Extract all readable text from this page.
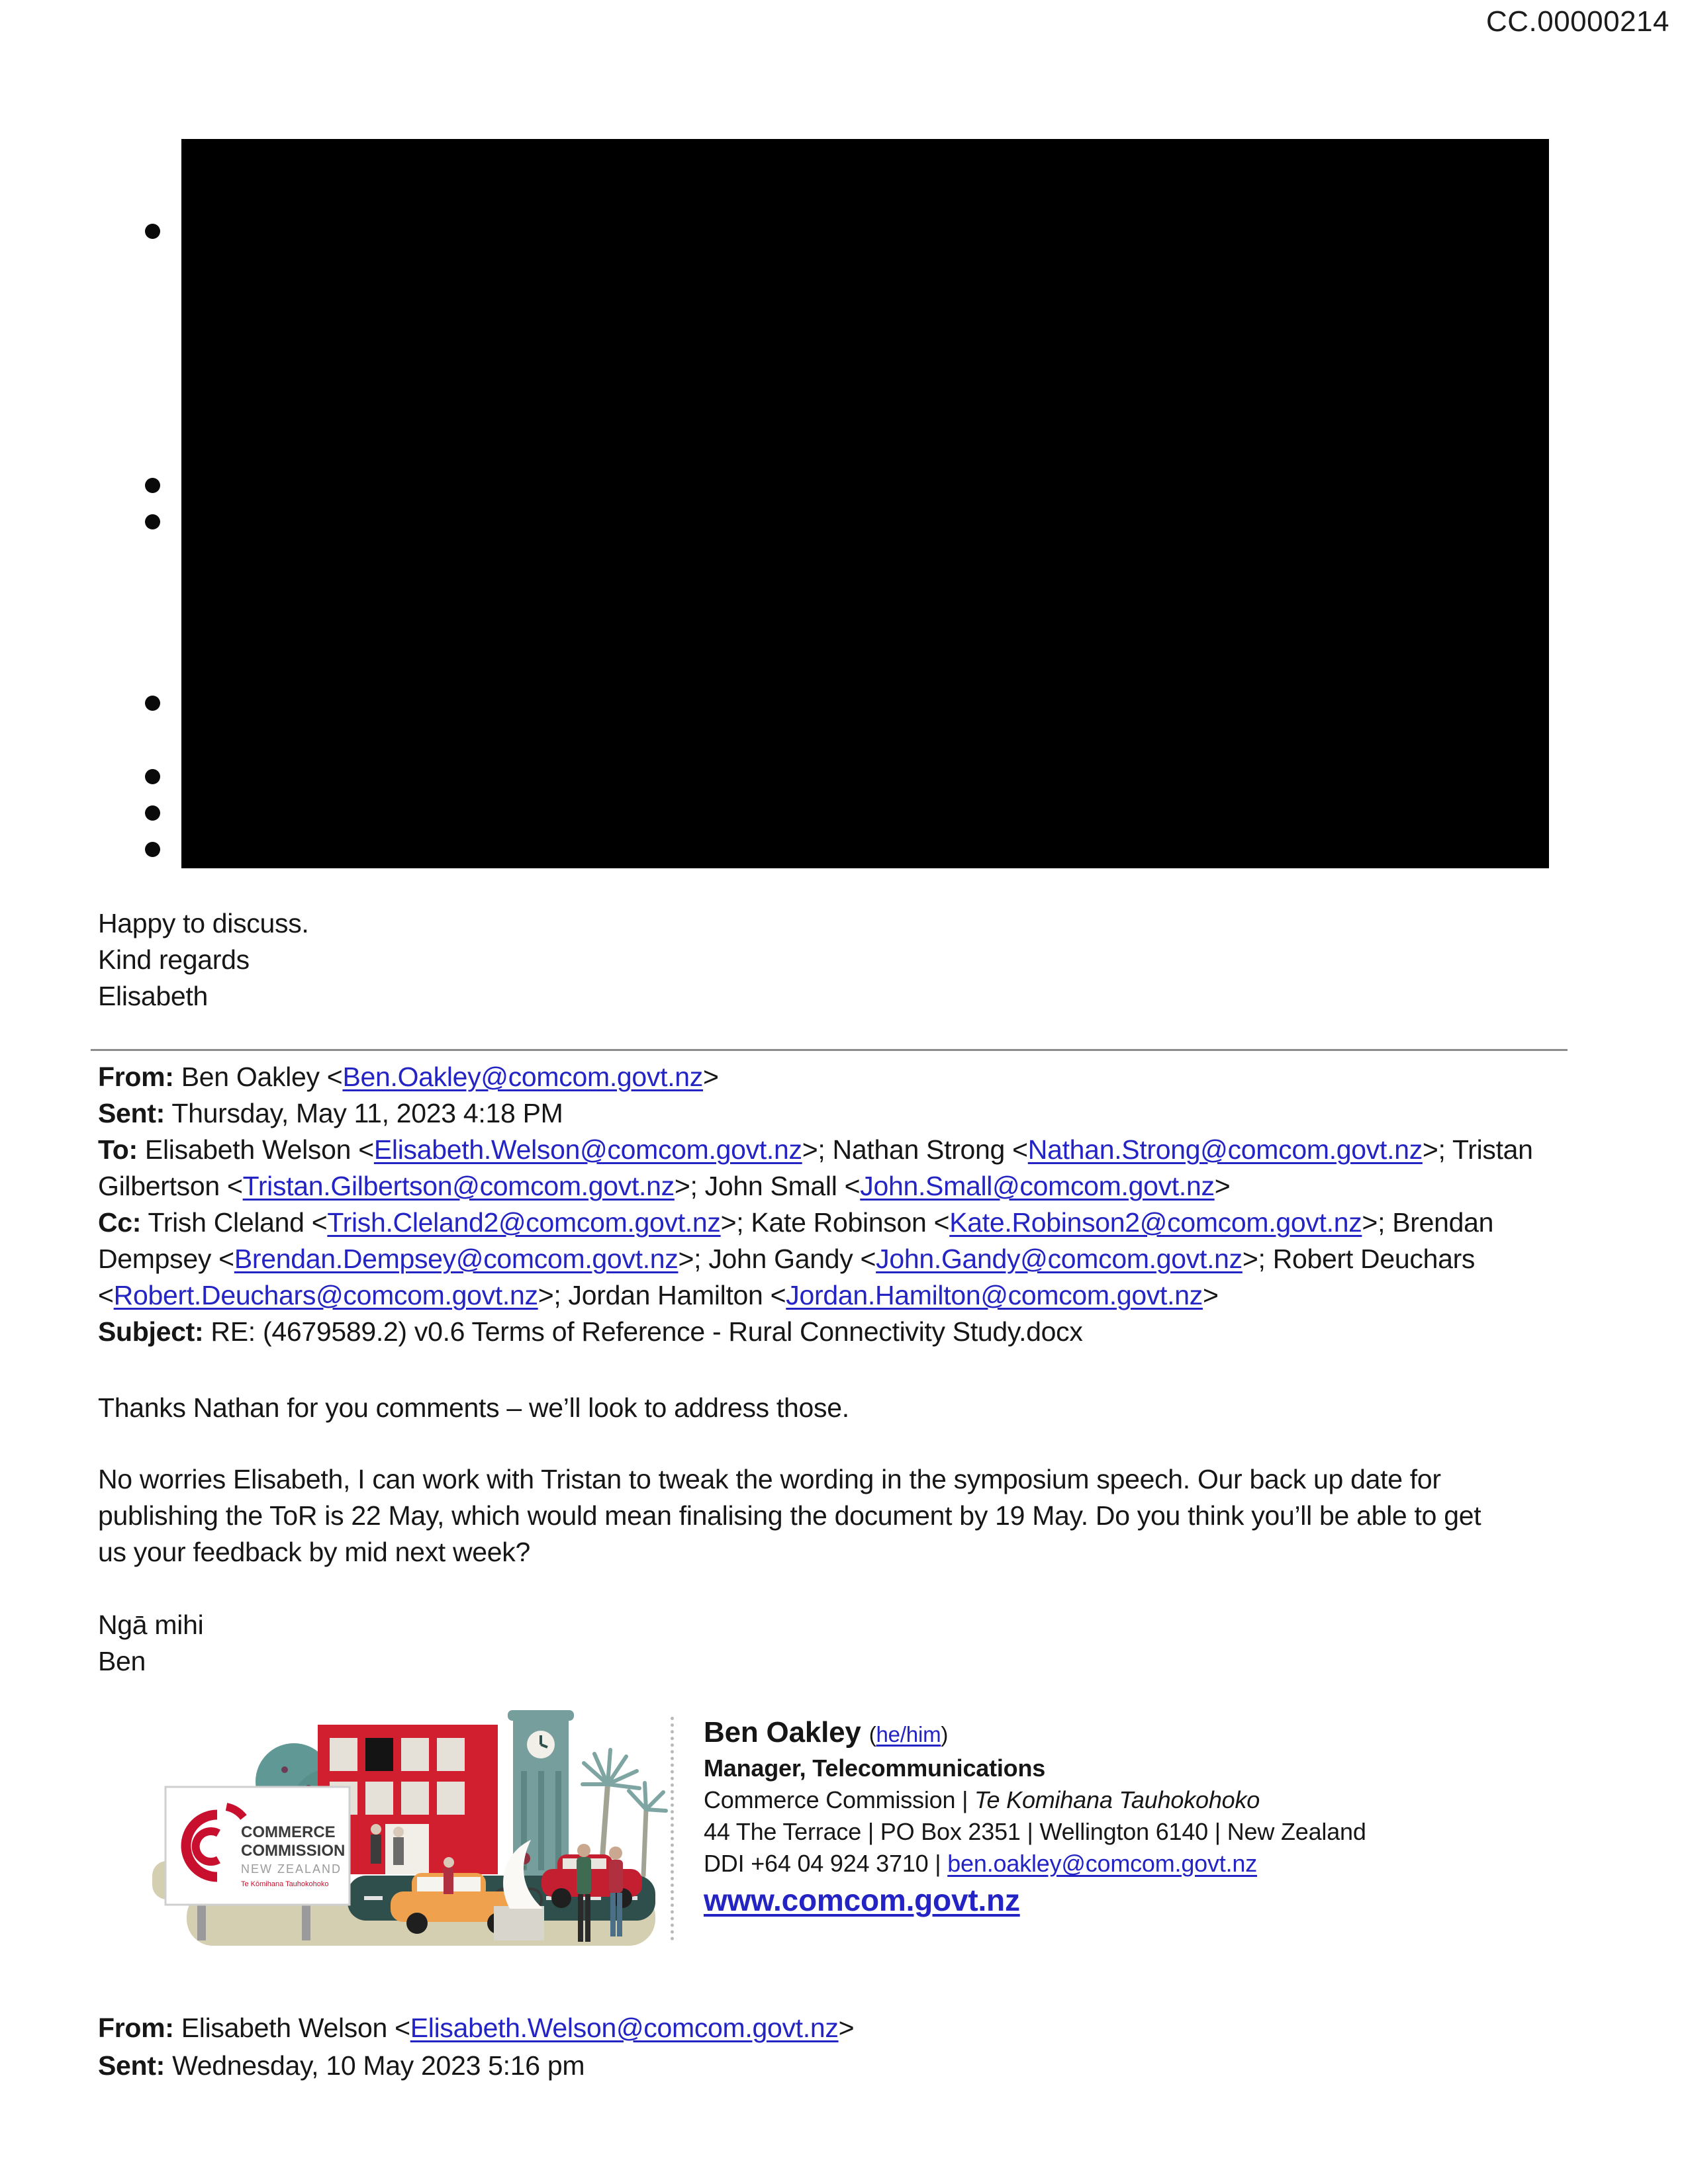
CC.00000214
Happy to discuss.
Kind regards
Elisabeth
From: Ben Oakley <Ben.Oakley@comcom.govt.nz>
Sent: Thursday, May 11, 2023 4:18 PM
To: Elisabeth Welson <Elisabeth.Welson@comcom.govt.nz>; Nathan Strong <Nathan.Strong@comcom.govt.nz>; Tristan
Gilbertson <Tristan.Gilbertson@comcom.govt.nz>; John Small <John.Small@comcom.govt.nz>
Cc: Trish Cleland <Trish.Cleland2@comcom.govt.nz>; Kate Robinson <Kate.Robinson2@comcom.govt.nz>; Brendan
Dempsey <Brendan.Dempsey@comcom.govt.nz>; John Gandy <John.Gandy@comcom.govt.nz>; Robert Deuchars
<Robert.Deuchars@comcom.govt.nz>; Jordan Hamilton <Jordan.Hamilton@comcom.govt.nz>
Subject: RE: (4679589.2) v0.6 Terms of Reference - Rural Connectivity Study.docx
Thanks Nathan for you comments – we’ll look to address those.
No worries Elisabeth, I can work with Tristan to tweak the wording in the symposium speech. Our back up date for
publishing the ToR is 22 May, which would mean finalising the document by 19 May. Do you think you’ll be able to get
us your feedback by mid next week?
Ngā mihi
Ben
COMMERCE
COMMISSION
NEW ZEALAND
Te Kōmihana Tauhokohoko
Ben Oakley (he/him)
Manager, Telecommunications
Commerce Commission | Te Komihana Tauhokohoko
44 The Terrace | PO Box 2351 | Wellington 6140 | New Zealand
DDI +64 04 924 3710 | ben.oakley@comcom.govt.nz
www.comcom.govt.nz
From: Elisabeth Welson <Elisabeth.Welson@comcom.govt.nz>
Sent: Wednesday, 10 May 2023 5:16 pm
